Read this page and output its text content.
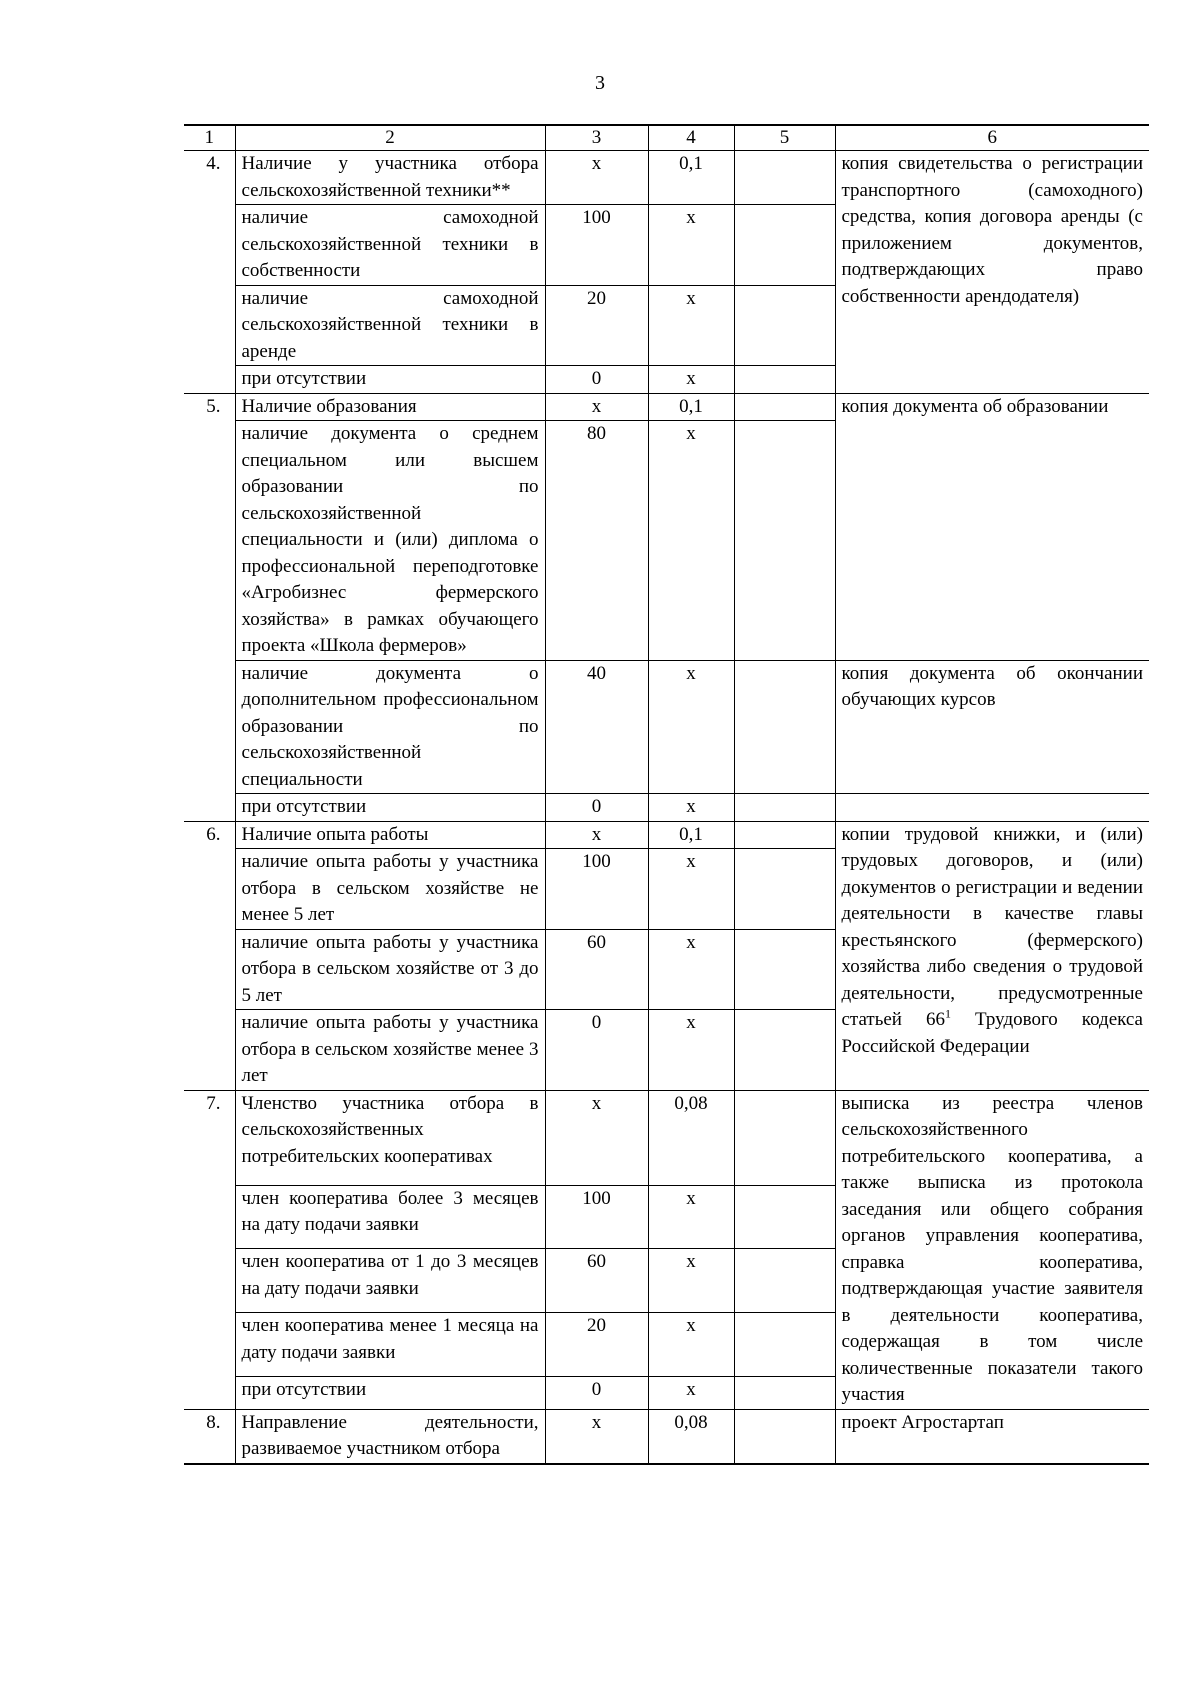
3
1	2	3	4	5	6
4.	Наличие у участника отбора сельскохозяйственной техники**	х	0,1		копия свидетельства о регистрации транспортного (самоходного) средства, копия договора аренды (с приложением документов, подтверждающих право собственности арендодателя)
	наличие самоходной сельскохозяйственной техники в собственности	100	х		
	наличие самоходной сельскохозяйственной техники в аренде	20	х		
	при отсутствии	0	х		
5.	Наличие образования	х	0,1		копия документа об образовании
	наличие документа о среднем специальном или высшем образовании по сельскохозяйственной специальности и (или) диплома о профессиональной переподготовке «Агробизнес фермерского хозяйства» в рамках обучающего проекта «Школа фермеров»	80	х		
	наличие документа о дополнительном профессиональном образовании по сельскохозяйственной специальности	40	х		копия документа об окончании обучающих курсов
	при отсутствии	0	х		
6.	Наличие опыта работы	х	0,1		копии трудовой книжки, и (или) трудовых договоров, и (или) документов о регистрации и ведении деятельности в качестве главы крестьянского (фермерского) хозяйства либо сведения о трудовой деятельности, предусмотренные статьей $66^1$ Трудового кодекса Российской Федерации
	наличие опыта работы у участника отбора в сельском хозяйстве не менее 5 лет	100	х		
	наличие опыта работы у участника отбора в сельском хозяйстве от 3 до 5 лет	60	х		
	наличие опыта работы у участника отбора в сельском хозяйстве менее 3 лет	0	х		
7.	Членство участника отбора в сельскохозяйственных потребительских кооперативах	х	0,08		выписка из реестра членов сельскохозяйственного потребительского кооператива, а также выписка из протокола заседания или общего собрания органов управления кооператива, справка кооператива, подтверждающая участие заявителя в деятельности кооператива, содержащая в том числе количественные показатели такого участия
	член кооператива более 3 месяцев на дату подачи заявки	100	х		
	член кооператива от 1 до 3 месяцев на дату подачи заявки	60	х		
	член кооператива менее 1 месяца на дату подачи заявки	20	х		
	при отсутствии	0	х		
8.	Направление деятельности, развиваемое участником отбора	х	0,08		проект Агростартап
